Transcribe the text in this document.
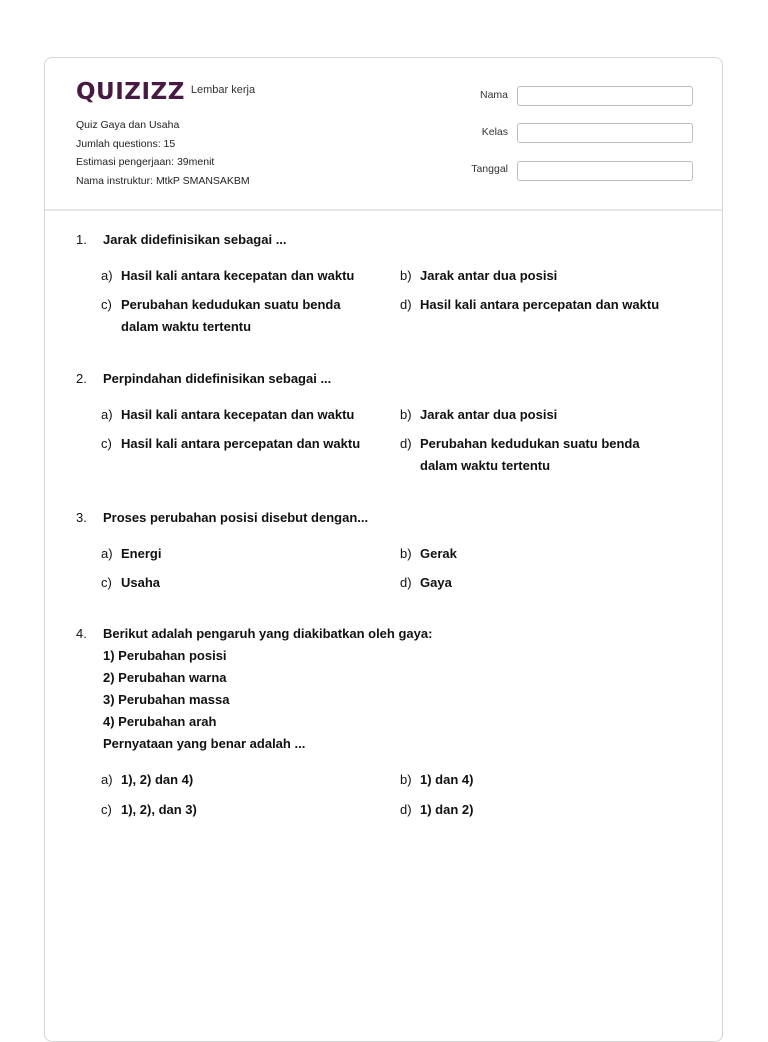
QUIZIZZ Lembar kerja
Quiz Gaya dan Usaha
Jumlah questions: 15
Estimasi pengerjaan: 39menit
Nama instruktur: MtkP SMANSAKBM
Nama
Kelas
Tanggal
1.	Jarak didefinisikan sebagai ...
a) Hasil kali antara kecepatan dan waktu	b) Jarak antar dua posisi
c) Perubahan kedudukan suatu benda dalam waktu tertentu
d) Hasil kali antara percepatan dan waktu
2.	Perpindahan didefinisikan sebagai ...
a) Hasil kali antara kecepatan dan waktu	b) Jarak antar dua posisi
c) Hasil kali antara percepatan dan waktu	d) Perubahan kedudukan suatu benda dalam waktu tertentu
3.	Proses perubahan posisi disebut dengan...
a) Energi	b) Gerak
c) Usaha	d) Gaya
4.	Berikut adalah pengaruh yang diakibatkan oleh gaya:
1) Perubahan posisi
2) Perubahan warna
3) Perubahan massa
4) Perubahan arah
Pernyataan yang benar adalah ...
a) 1), 2) dan 4)	b) 1) dan 4)
c) 1), 2), dan 3)	d) 1) dan 2)
